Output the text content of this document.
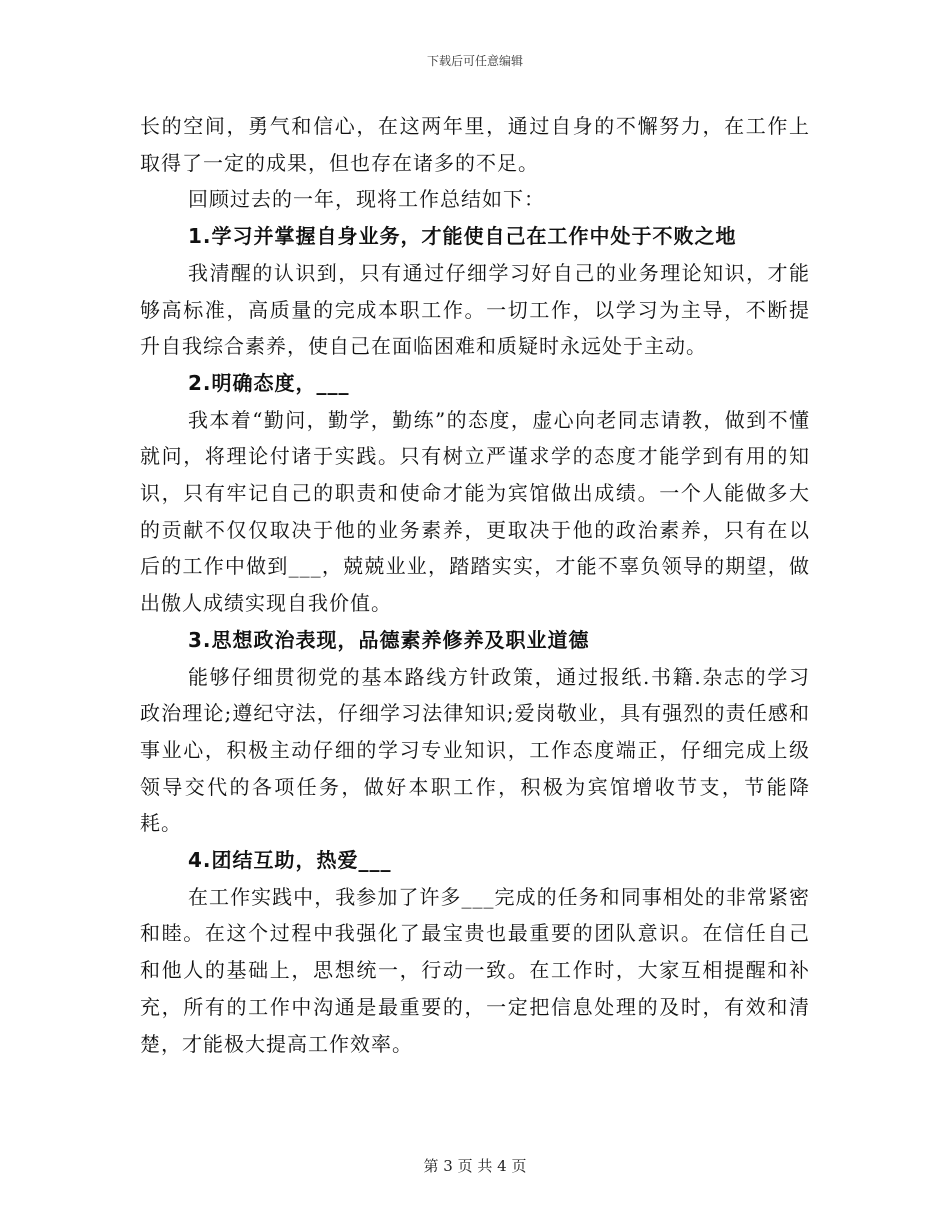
下载后可任意编辑

长的空间，勇气和信心，在这两年里，通过自身的不懈努力，在工作上取得了一定的成果，但也存在诸多的不足。

回顾过去的一年，现将工作总结如下：

1.学习并掌握自身业务，才能使自己在工作中处于不败之地

我清醒的认识到，只有通过仔细学习好自己的业务理论知识，才能够高标准，高质量的完成本职工作。一切工作，以学习为主导，不断提升自我综合素养，使自己在面临困难和质疑时永远处于主动。

2.明确态度，___

我本着“勤问，勤学，勤练”的态度，虚心向老同志请教，做到不懂就问，将理论付诸于实践。只有树立严谨求学的态度才能学到有用的知识，只有牢记自己的职责和使命才能为宾馆做出成绩。一个人能做多大的贡献不仅仅取决于他的业务素养，更取决于他的政治素养，只有在以后的工作中做到___，兢兢业业，踏踏实实，才能不辜负领导的期望，做出傲人成绩实现自我价值。

3.思想政治表现，品德素养修养及职业道德

能够仔细贯彻党的基本路线方针政策，通过报纸.书籍.杂志的学习政治理论;遵纪守法，仔细学习法律知识;爱岗敬业，具有强烈的责任感和事业心，积极主动仔细的学习专业知识，工作态度端正，仔细完成上级领导交代的各项任务，做好本职工作，积极为宾馆增收节支，节能降耗。

4.团结互助，热爱___

在工作实践中，我参加了许多___完成的任务和同事相处的非常紧密和睦。在这个过程中我强化了最宝贵也最重要的团队意识。在信任自己和他人的基础上，思想统一，行动一致。在工作时，大家互相提醒和补充，所有的工作中沟通是最重要的，一定把信息处理的及时，有效和清楚，才能极大提高工作效率。

第 3 页 共 4 页
